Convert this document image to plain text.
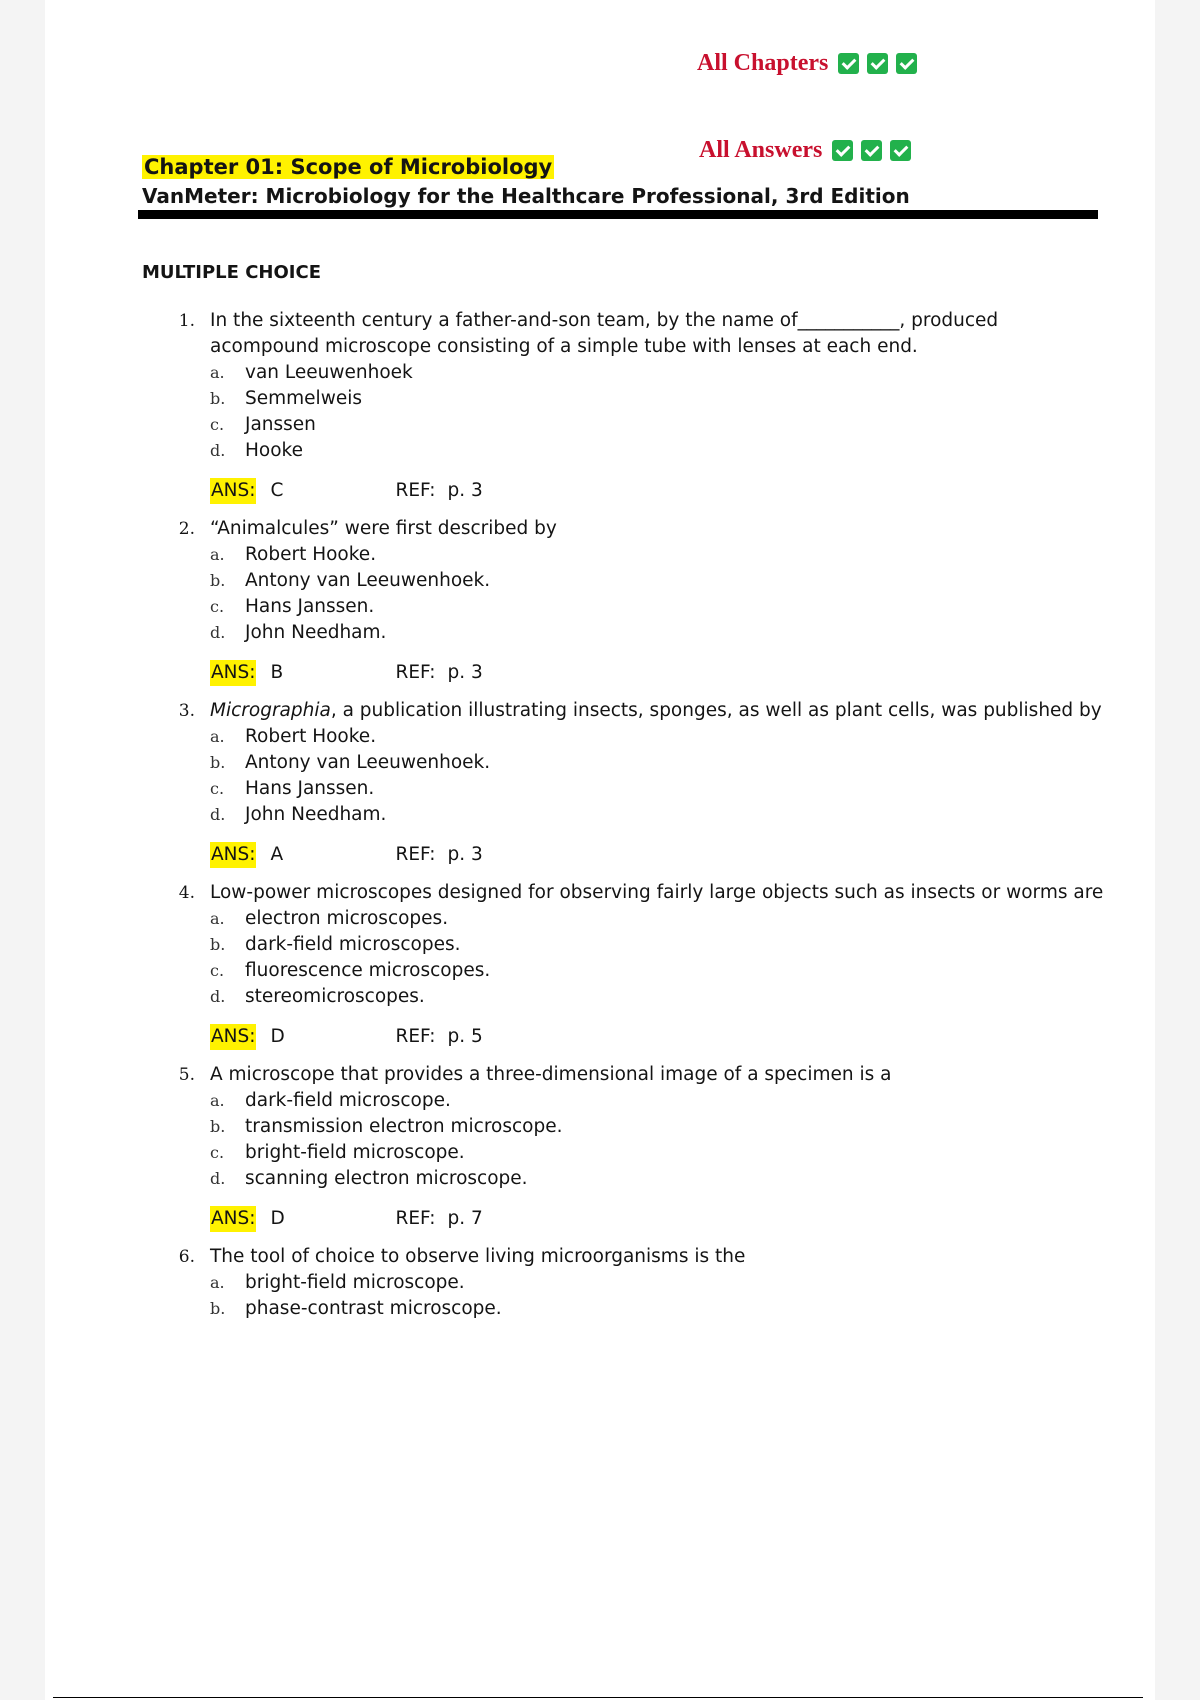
All Chapters
All Answers
Chapter 01: Scope of Microbiology
VanMeter: Microbiology for the Healthcare Professional, 3rd Edition
MULTIPLE CHOICE
1. In the sixteenth century a father-and-son team, by the name of___________, produced acompound microscope consisting of a simple tube with lenses at each end.
a.	van Leeuwenhoek
b.	Semmelweis
c.	Janssen
d.	Hooke
ANS: C	REF: p. 3
2. “Animalcules” were first described by
a.	Robert Hooke.
b.	Antony van Leeuwenhoek.
c.	Hans Janssen.
d.	John Needham.
ANS: B	REF: p. 3
3. Micrographia, a publication illustrating insects, sponges, as well as plant cells, was published by
a.	Robert Hooke.
b.	Antony van Leeuwenhoek.
c.	Hans Janssen.
d.	John Needham.
ANS: A	REF: p. 3
4. Low-power microscopes designed for observing fairly large objects such as insects or worms are
a.	electron microscopes.
b.	dark-field microscopes.
c.	fluorescence microscopes.
d.	stereomicroscopes.
ANS: D	REF: p. 5
5. A microscope that provides a three-dimensional image of a specimen is a
a.	dark-field microscope.
b.	transmission electron microscope.
c.	bright-field microscope.
d.	scanning electron microscope.
ANS: D	REF: p. 7
6. The tool of choice to observe living microorganisms is the
a.	bright-field microscope.
b.	phase-contrast microscope.
